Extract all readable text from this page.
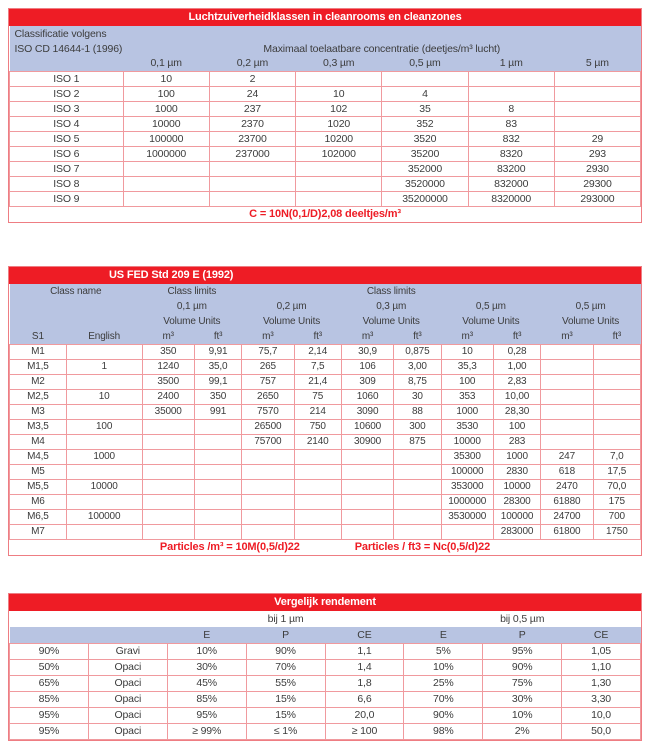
Luchtzuiverheidklassen in cleanrooms en cleanzones
Classificatie volgens						
ISO CD 14644-1 (1996)	Maximaal toelaatbare concentratie (deetjes/m³ lucht)					
	0,1 µm	0,2 µm	0,3 µm	0,5 µm	1 µm	5 µm
ISO 1	10	2				
ISO 2	100	24	10	4		
ISO 3	1000	237	102	35	8	
ISO 4	10000	2370	1020	352	83	
ISO 5	100000	23700	10200	3520	832	29
ISO 6	1000000	237000	102000	35200	8320	293
ISO 7				352000	83200	2930
ISO 8				3520000	832000	29300
ISO 9				35200000	8320000	293000
C = 10N(0,1/D)2,08 deeltjes/m³						
US FED Std 209 E (1992)
Class name		Class limits				Class limits					
		0,1 µm		0,2 µm		0,3 µm		0,5 µm		0,5 µm	
		Volume Units		Volume Units		Volume Units		Volume Units		Volume Units	
S1	English	m³	ft³	m³	ft³	m³	ft³	m³	ft³	m³	ft³
M1		350	9,91	75,7	2,14	30,9	0,875	10	0,28		
M1,5	1	1240	35,0	265	7,5	106	3,00	35,3	1,00		
M2		3500	99,1	757	21,4	309	8,75	100	2,83		
M2,5	10	2400	350	2650	75	1060	30	353	10,00		
M3		35000	991	7570	214	3090	88	1000	28,30		
M3,5	100			26500	750	10600	300	3530	100		
M4				75700	2140	30900	875	10000	283		
M4,5	1000							35300	1000	247	7,0
M5								100000	2830	618	17,5
M5,5	10000							353000	10000	2470	70,0
M6								1000000	28300	61880	175
M6,5	100000							3530000	100000	24700	700
M7									283000	61800	1750

Particles /m³ = 10M(0,5/d)22 Particles / ft3 = Nc(0,5/d)22											
Vergelijk rendement
		bij 1 µm			bij 0,5 µm		
		E	P	CE	E	P	CE
90%	Gravi	10%	90%	1,1	5%	95%	1,05
50%	Opaci	30%	70%	1,4	10%	90%	1,10
65%	Opaci	45%	55%	1,8	25%	75%	1,30
85%	Opaci	85%	15%	6,6	70%	30%	3,30
95%	Opaci	95%	15%	20,0	90%	10%	10,0
95%	Opaci	≥ 99%	≤ 1%	≥ 100	98%	2%	50,0
